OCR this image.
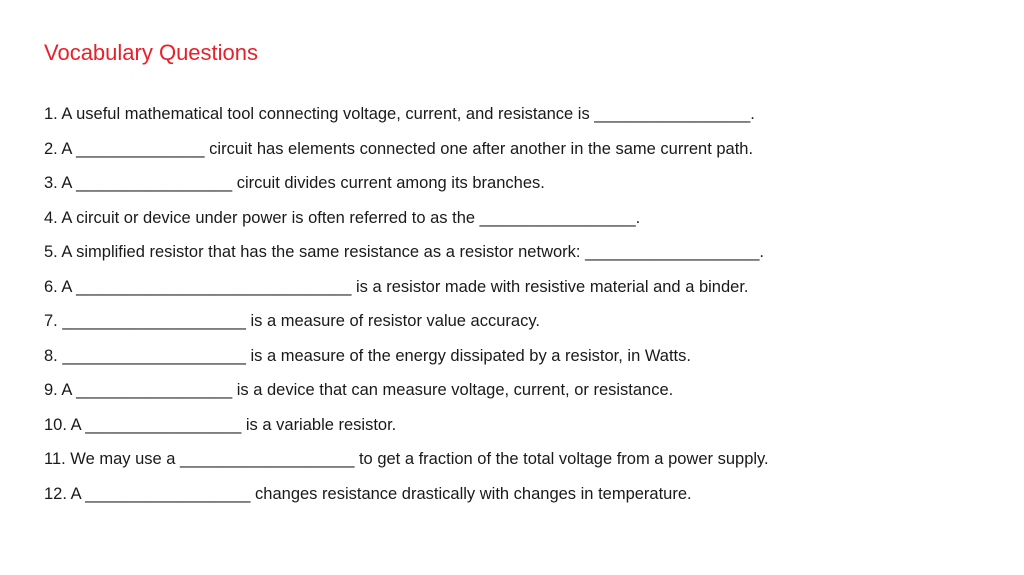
Vocabulary Questions
1. A useful mathematical tool connecting voltage, current, and resistance is _________________.
2. A ______________ circuit has elements connected one after another in the same current path.
3. A _________________ circuit divides current among its branches.
4. A circuit or device under power is often referred to as the _________________.
5. A simplified resistor that has the same resistance as a resistor network: ___________________.
6. A ______________________________ is a resistor made with resistive material and a binder.
7. ____________________ is a measure of resistor value accuracy.
8. ____________________ is a measure of the energy dissipated by a resistor, in Watts.
9. A _________________ is a device that can measure voltage, current, or resistance.
10. A _________________ is a variable resistor.
11. We may use a ___________________ to get a fraction of the total voltage from a power supply.
12. A __________________ changes resistance drastically with changes in temperature.
